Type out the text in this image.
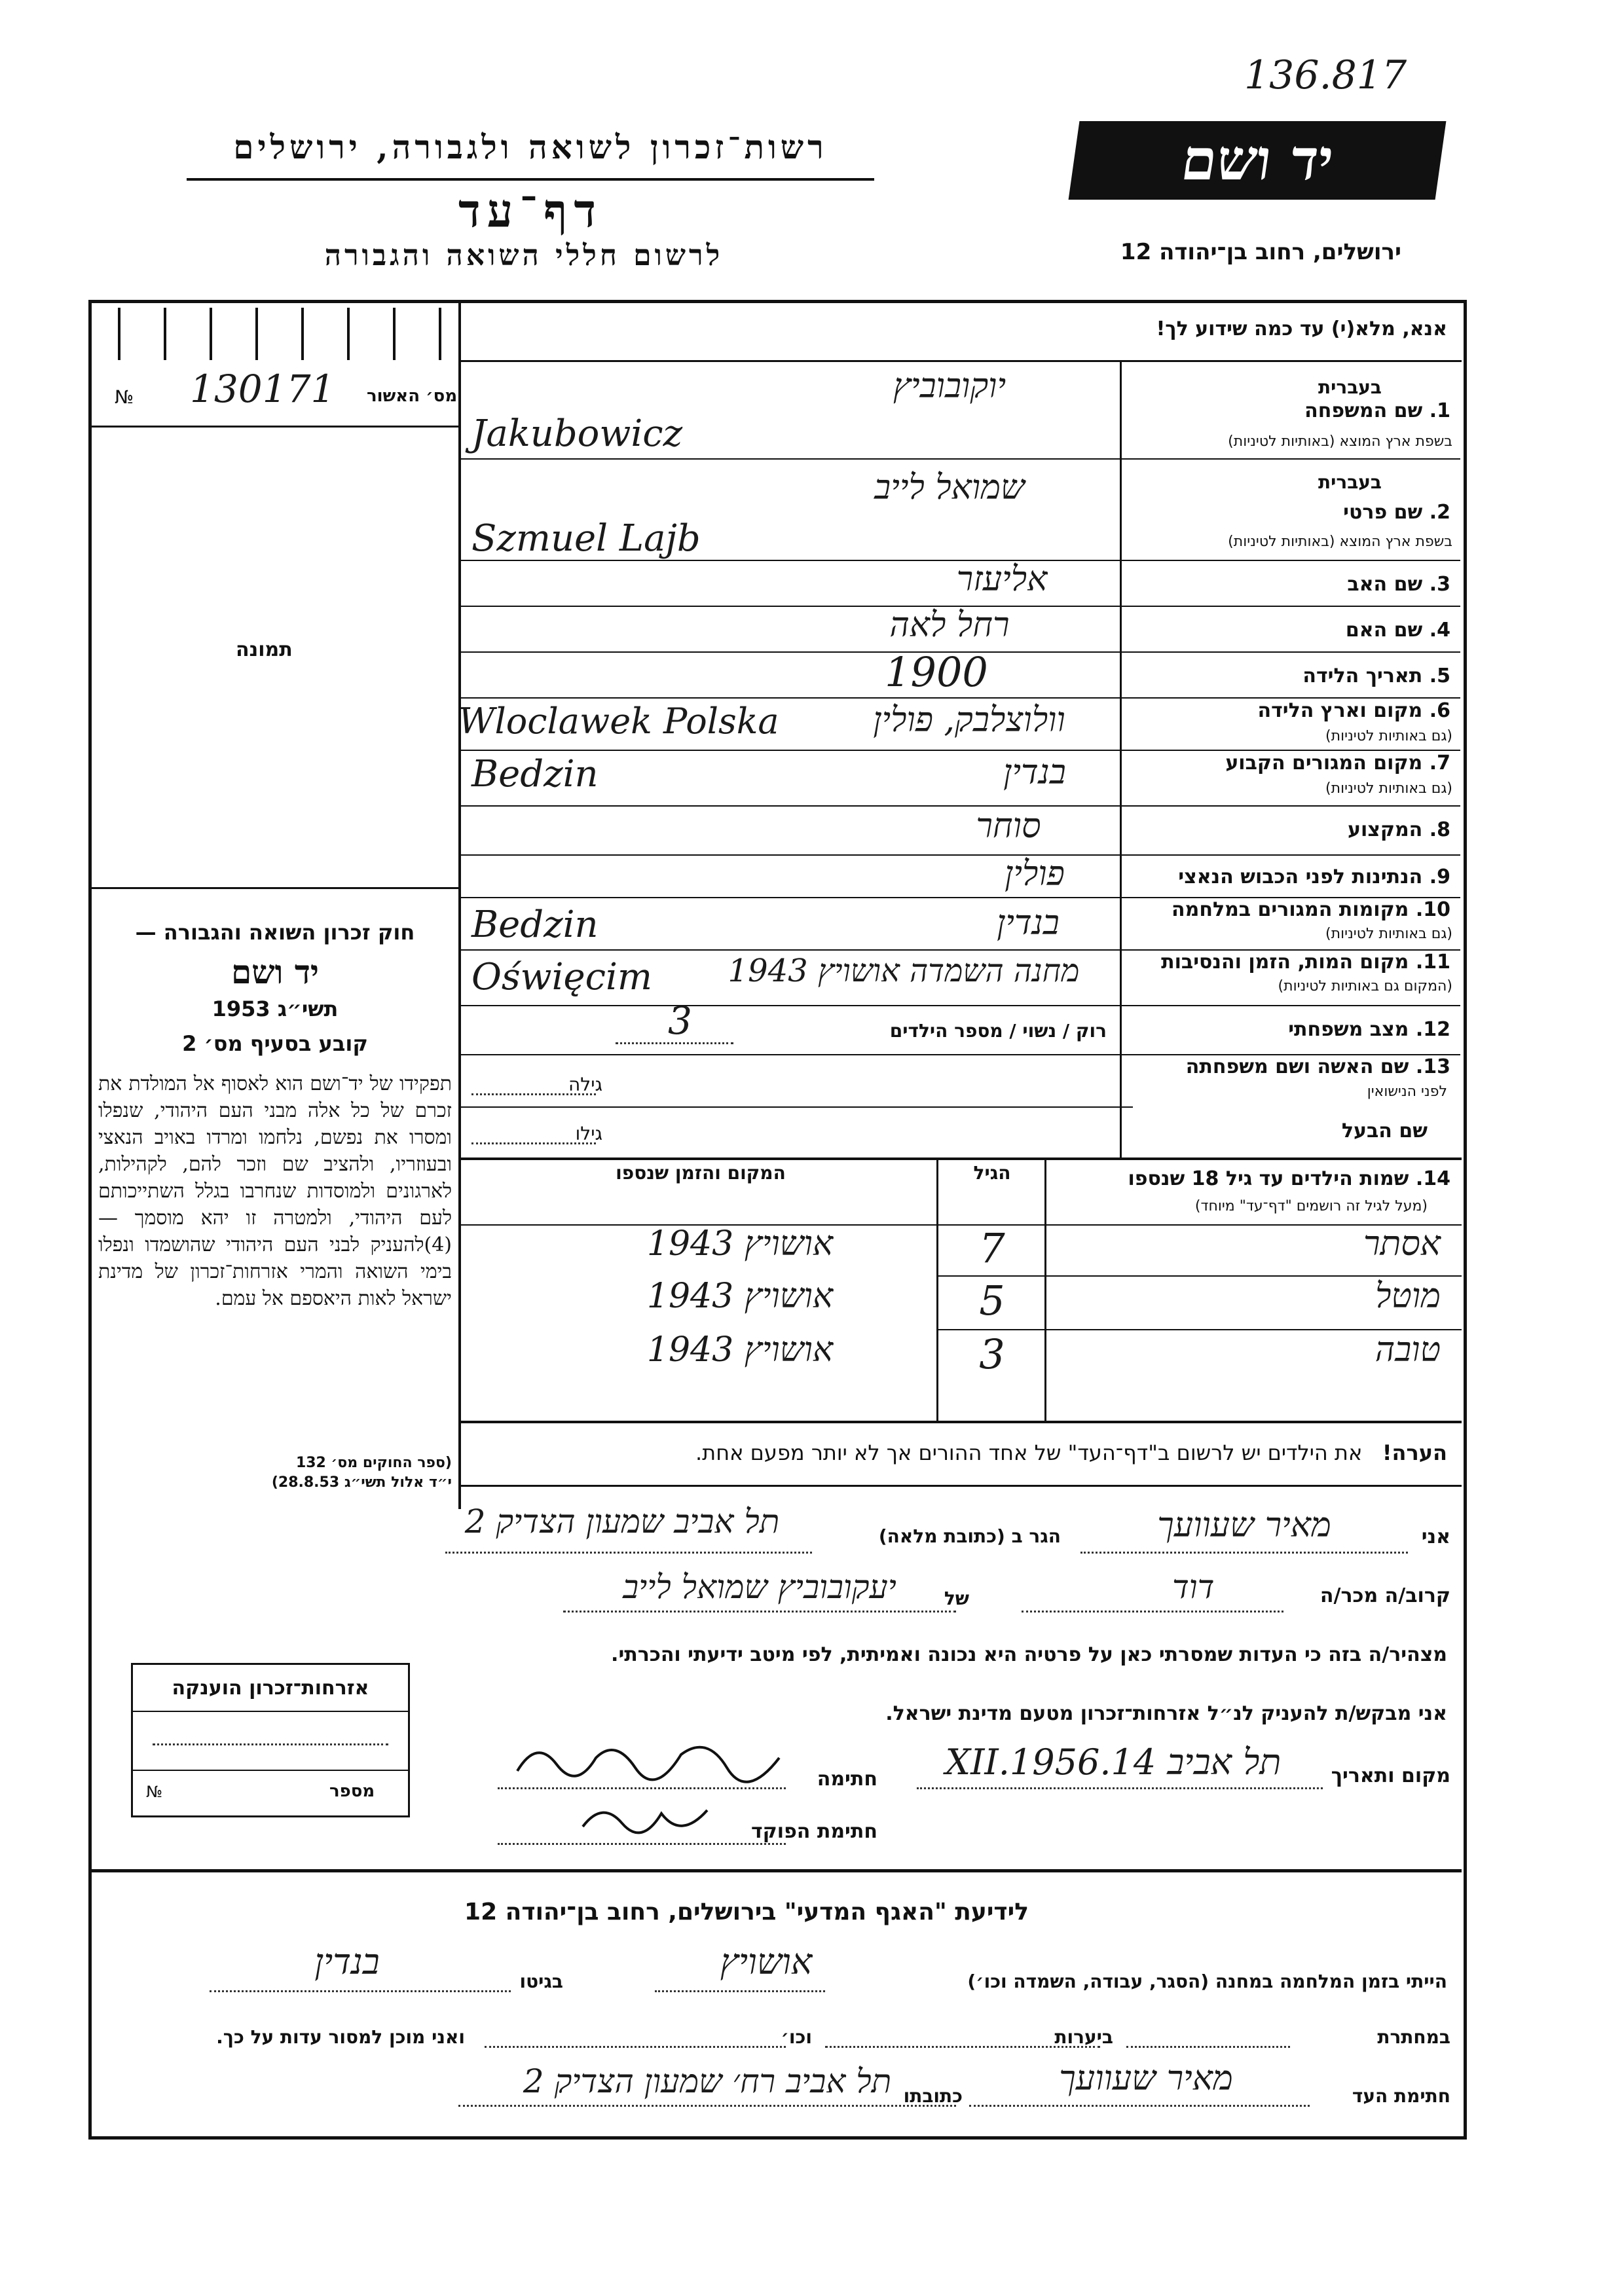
136.817
רשות־זכרון לשואה ולגבורה, ירושלים
דף־עד
לרשום חללי השואה והגבורה
יד ושם
ירושלים, רחוב בן־יהודה 12
№ 130171 מס׳ האשור
תמונה
חוק זכרון השואה והגבורה —
יד ושם
תשי״ג 1953
קובע בסעיף מס׳ 2
תפקידו של יד־ושם הוא לאסוף אל המולדת את זכרם של כל אלה מבני העם היהודי, שנפלו ומסרו את נפשם, נלחמו ומרדו באויב הנאצי ובעוזריו, ולהציב שם וזכר להם, לקהילות, לארגונים ולמוסדות שנחרבו בגלל השתייכותם לעם היהודי, ולמטרה זו יהא מוסמך — (4)להעניק לבני העם היהודי שהושמדו ונפלו בימי השואה והמרי אזרחות־זכרון של מדינת ישראל לאות היאספם אל עמם.
(ספר החוקים מס׳ 132
י״ד אלול תשי״ג 28.8.53)
אנא, מלא(י) עד כמה שידוע לך!
1. שם המשפחה
בעברית
בשפת ארץ המוצא (באותיות לטיניות)
יוקובוביץ
Jakubowicz
בעברית
2. שם פרטי
בשפת ארץ המוצא (באותיות לטיניות)
שמואל לייב
Szmuel Lajb
3. שם האב
אליעזר
4. שם האם
רחל לאה
5. תאריך הלידה
1900
6. מקום וארץ הלידה
(גם באותיות לטיניות)
וולוצלבק, פולין
Wloclawek Polska
7. מקום המגורים הקבוע
(גם באותיות לטיניות)
בנדין
Bedzin
8. המקצוע
סוחר
9. הנתינות לפני הכבוש הנאצי
פולין
10. מקומות המגורים במלחמה
(גם באותיות לטיניות)
בנדין
Bedzin
11. מקום המות, הזמן והנסיבות
(המקום גם באותיות לטיניות)
מחנה השמדה אושויץ 1943
Oświęcim
12. מצב משפחתי
רוק / נשוי / מספר הילדים
3
13. שם האשה ושם משפחתה
לפני הנישואין
גילה
שם הבעל
גילו
14. שמות הילדים עד גיל 18 שנספו
(מעל לגיל זה רושמים "דף־עד" מיוחד)
הגיל
המקום והזמן שנספו
אסתר
7
אושויץ 1943
מוטל
5
אושויץ 1943
טובה
3
אושויץ 1943
הערה!   את הילדים יש לרשום ב"דף־העד" של אחד ההורים אך לא יותר מפעם אחת.
אני
מאיר שעוועך
הגר ב (כתובת מלאה)
תל אביב שמעון הצדיק 2
קרוב/ה מכר/ה
דוד
של
יעקובוביץ שמואל לייב
מצהיר/ה בזה כי העדות שמסרתי כאן על פרטיה היא נכונה ואמיתית, לפי מיטב ידיעתי והכרתי.
אני מבקש/ת להעניק לנ״ל אזרחות־זכרון מטעם מדינת ישראל.
מקום ותאריך
תל אביב 14.XII.1956
חתימה
חתימת הפוקד
אזרחות־זכרון הוענקה
№	מספר
לידיעת "האגף המדעי" בירושלים, רחוב בן־יהודה 12
הייתי בזמן המלחמה במחנה (הסגר, עבודה, השמדה וכו׳)
אושויץ
בגיטו
בנדין
במחתרת
ביערות
וכו׳
ואני מוכן למסור עדות על כך.
חתימת העד
מאיר שעוועך
כתובתו
תל אביב רח׳ שמעון הצדיק 2
